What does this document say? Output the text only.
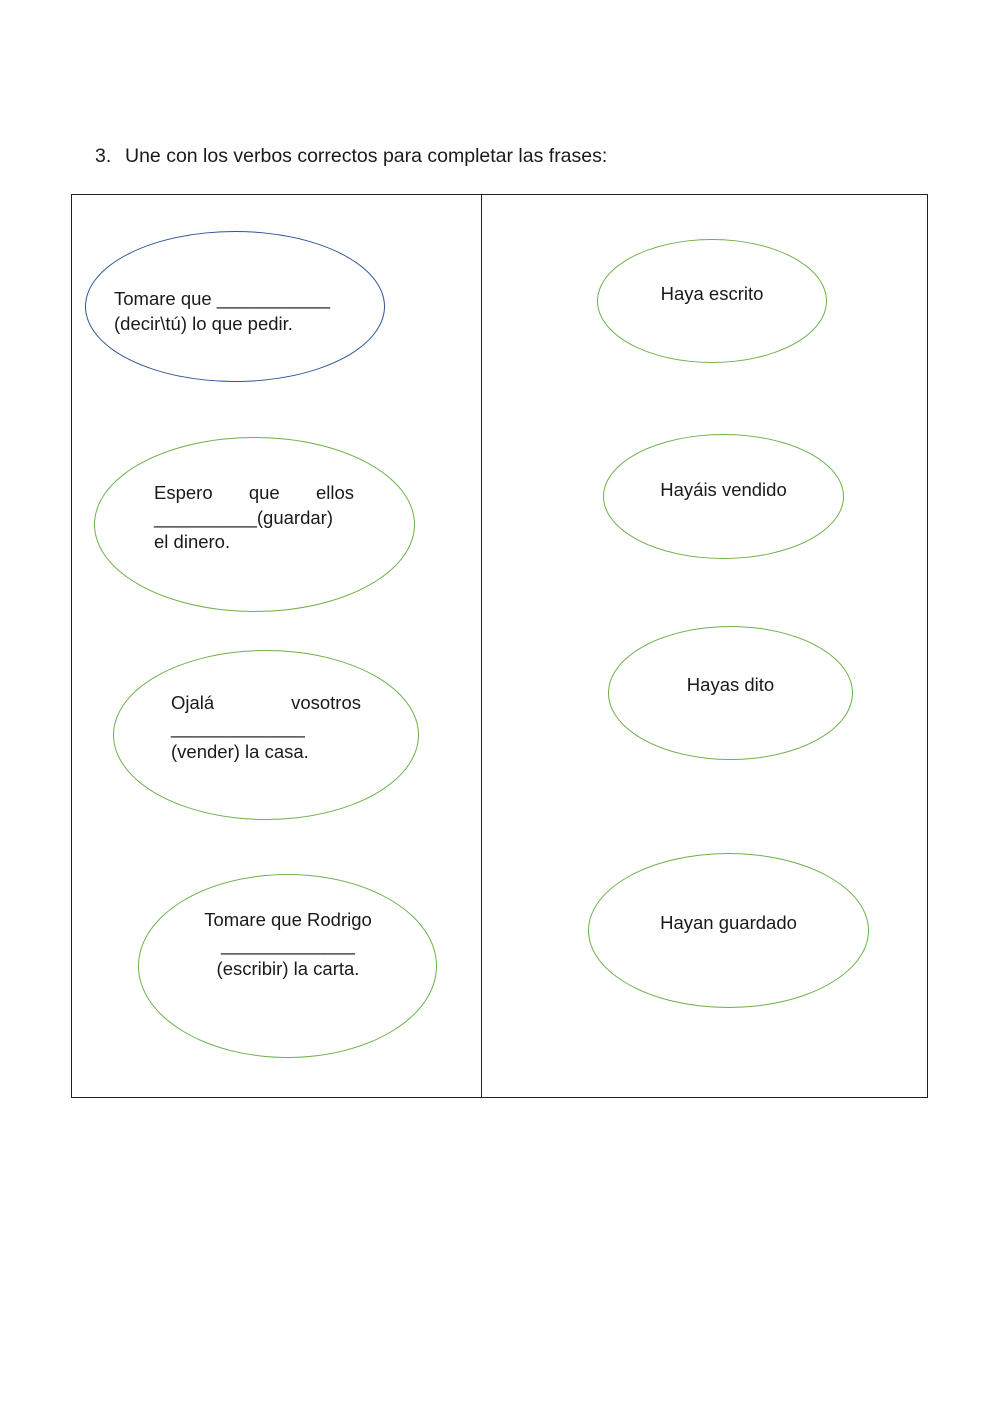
3. Une con los verbos correctos para completar las frases:
Tomare que ___________
(decir\tú) lo que pedir.
Espero que ellos
__________(guardar)
el dinero.
Ojalá	vosotros
_____________
(vender) la casa.
Tomare que Rodrigo
_____________
(escribir) la carta.
Haya escrito
Hayáis vendido
Hayas dito
Hayan guardado
